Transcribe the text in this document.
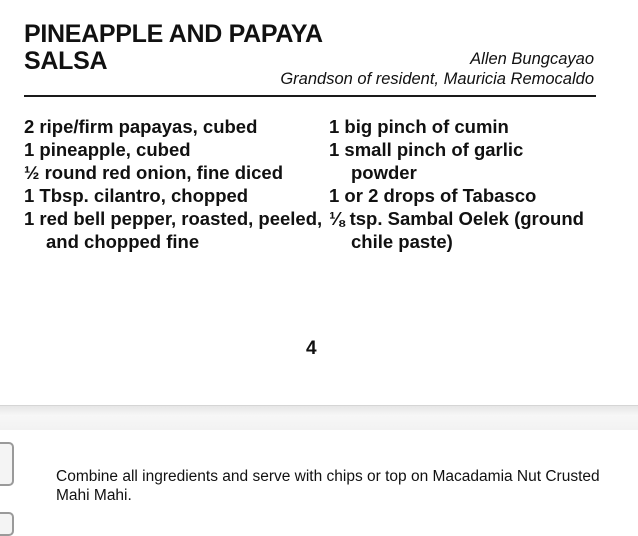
PINEAPPLE AND PAPAYA
SALSA	Allen Bungcayao
Grandson of resident, Mauricia Remocaldo
2 ripe/firm papayas, cubed
1 pineapple, cubed
½ round red onion, fine diced
1 Tbsp. cilantro, chopped
1 red bell pepper, roasted, peeled, and chopped fine
1 big pinch of cumin
1 small pinch of garlic powder
1 or 2 drops of Tabasco
⅛ tsp. Sambal Oelek (ground chile paste)
4
Combine all ingredients and serve with chips or top on Macadamia Nut Crusted Mahi Mahi.
